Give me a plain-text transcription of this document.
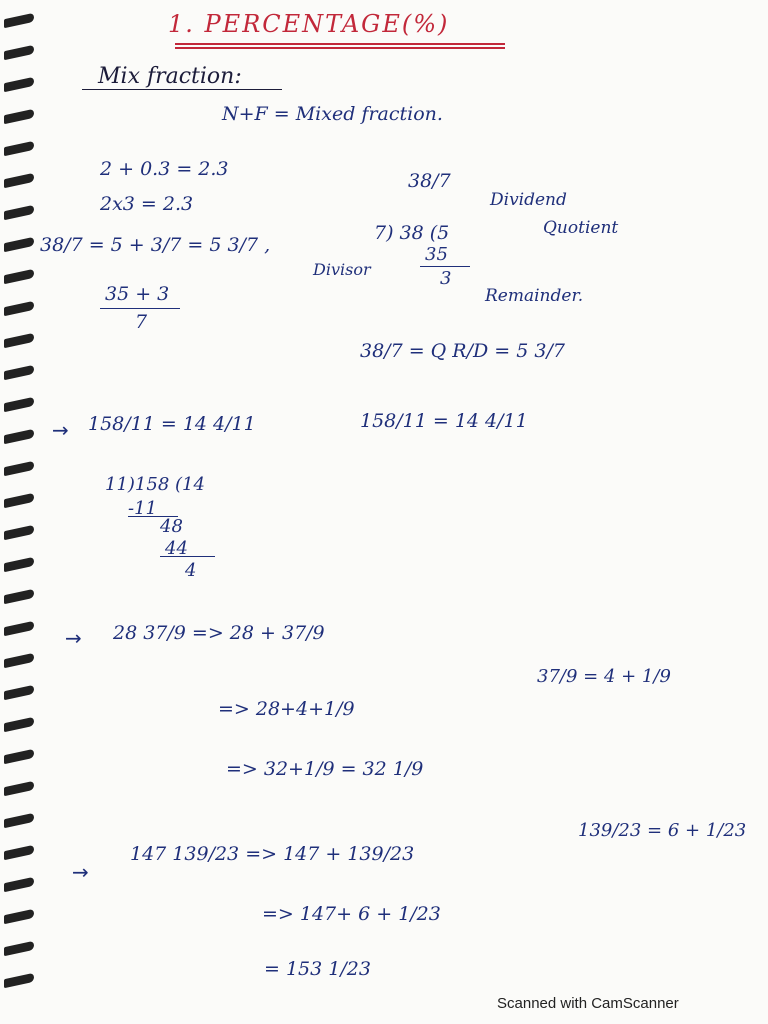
1. PERCENTAGE(%)
Mix fraction:
N+F = Mixed fraction.
2 + 0.3 = 2.3
2x3 = 2.3
38/7 = 5 + 3/7 = 5 3/7 ,
35 + 3
7
→ 158/11 = 14 4/11
11)158 (14
-11
48
44
4
→ 28 37/9 => 28 + 37/9
=> 28+4+1/9
=> 32+1/9 = 32 1/9
→
147 139/23 => 147 + 139/23
=> 147+ 6 + 1/23
= 153 1/23
38/7
Dividend
7) 38 (5	Quotient
Divisor
35
3
Remainder.
38/7 = Q R/D = 5 3/7
158/11 = 14 4/11
37/9 = 4 + 1/9
139/23 = 6 + 1/23
Scanned with CamScanner
